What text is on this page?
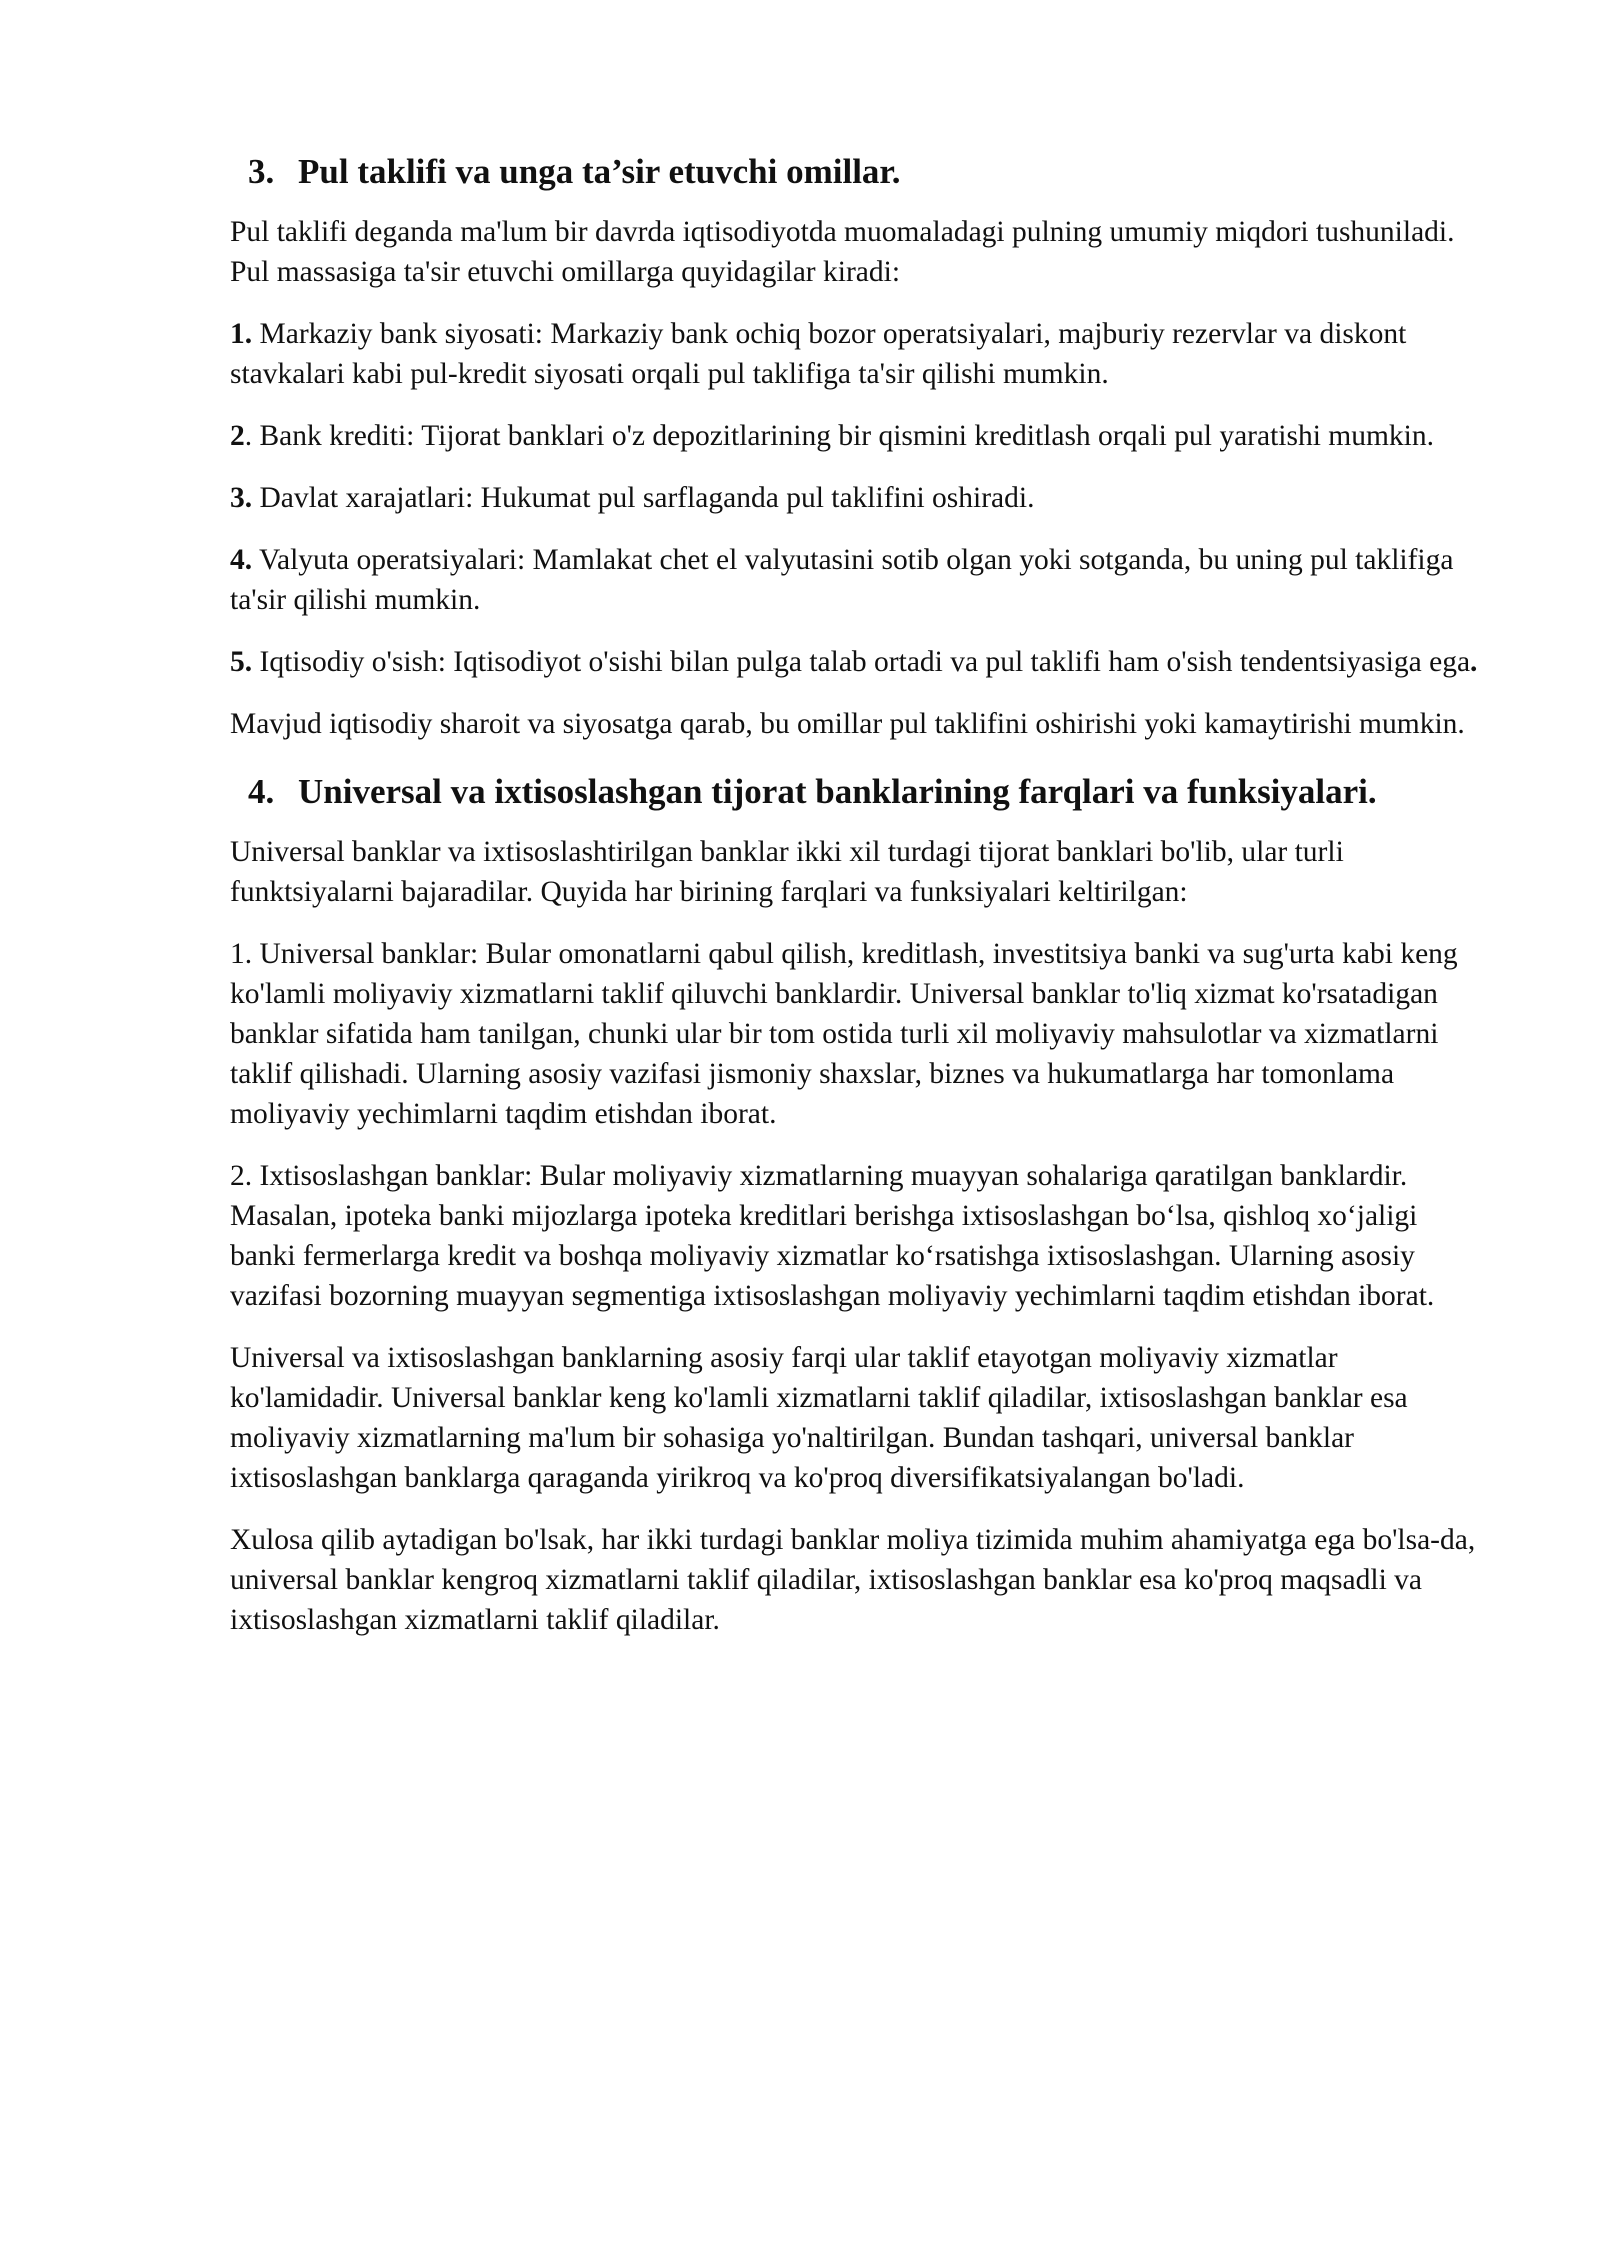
3. Pul taklifi va unga ta’sir etuvchi omillar.

Pul taklifi deganda ma'lum bir davrda iqtisodiyotda muomaladagi pulning umumiy miqdori tushuniladi. Pul massasiga ta'sir etuvchi omillarga quyidagilar kiradi:

1. Markaziy bank siyosati: Markaziy bank ochiq bozor operatsiyalari, majburiy rezervlar va diskont stavkalari kabi pul-kredit siyosati orqali pul taklifiga ta'sir qilishi mumkin.

2. Bank krediti: Tijorat banklari o'z depozitlarining bir qismini kreditlash orqali pul yaratishi mumkin.

3. Davlat xarajatlari: Hukumat pul sarflaganda pul taklifini oshiradi.

4. Valyuta operatsiyalari: Mamlakat chet el valyutasini sotib olgan yoki sotganda, bu uning pul taklifiga ta'sir qilishi mumkin.

5. Iqtisodiy o'sish: Iqtisodiyot o'sishi bilan pulga talab ortadi va pul taklifi ham o'sish tendentsiyasiga ega.

Mavjud iqtisodiy sharoit va siyosatga qarab, bu omillar pul taklifini oshirishi yoki kamaytirishi mumkin.

4. Universal va ixtisoslashgan tijorat banklarining farqlari va funksiyalari.

Universal banklar va ixtisoslashtirilgan banklar ikki xil turdagi tijorat banklari bo'lib, ular turli funktsiyalarni bajaradilar. Quyida har birining farqlari va funksiyalari keltirilgan:

1. Universal banklar: Bular omonatlarni qabul qilish, kreditlash, investitsiya banki va sug'urta kabi keng ko'lamli moliyaviy xizmatlarni taklif qiluvchi banklardir. Universal banklar to'liq xizmat ko'rsatadigan banklar sifatida ham tanilgan, chunki ular bir tom ostida turli xil moliyaviy mahsulotlar va xizmatlarni taklif qilishadi. Ularning asosiy vazifasi jismoniy shaxslar, biznes va hukumatlarga har tomonlama moliyaviy yechimlarni taqdim etishdan iborat.

2. Ixtisoslashgan banklar: Bular moliyaviy xizmatlarning muayyan sohalariga qaratilgan banklardir. Masalan, ipoteka banki mijozlarga ipoteka kreditlari berishga ixtisoslashgan bo‘lsa, qishloq xo‘jaligi banki fermerlarga kredit va boshqa moliyaviy xizmatlar ko‘rsatishga ixtisoslashgan. Ularning asosiy vazifasi bozorning muayyan segmentiga ixtisoslashgan moliyaviy yechimlarni taqdim etishdan iborat.

Universal va ixtisoslashgan banklarning asosiy farqi ular taklif etayotgan moliyaviy xizmatlar ko'lamidadir. Universal banklar keng ko'lamli xizmatlarni taklif qiladilar, ixtisoslashgan banklar esa moliyaviy xizmatlarning ma'lum bir sohasiga yo'naltirilgan. Bundan tashqari, universal banklar ixtisoslashgan banklarga qaraganda yirikroq va ko'proq diversifikatsiyalangan bo'ladi.

Xulosa qilib aytadigan bo'lsak, har ikki turdagi banklar moliya tizimida muhim ahamiyatga ega bo'lsa-da, universal banklar kengroq xizmatlarni taklif qiladilar, ixtisoslashgan banklar esa ko'proq maqsadli va ixtisoslashgan xizmatlarni taklif qiladilar.
